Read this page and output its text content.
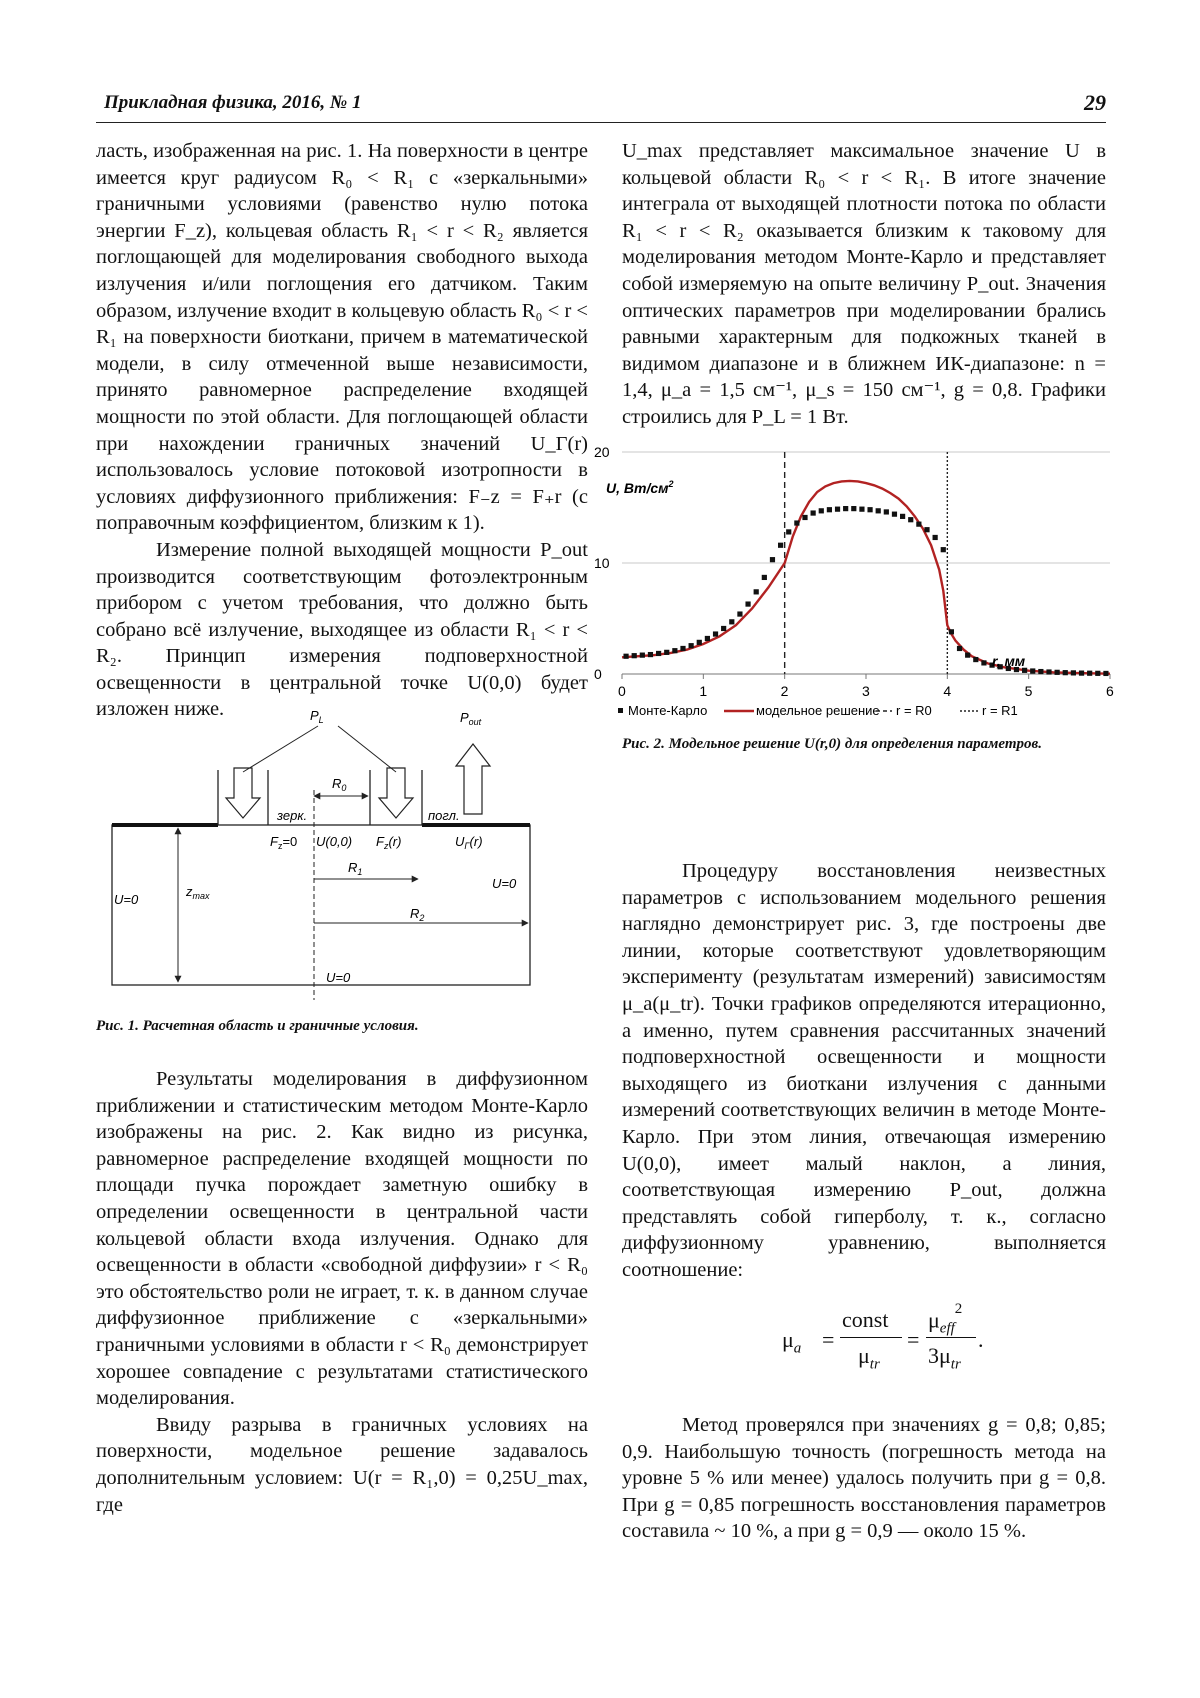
Прикладная физика, 2016, № 1	29

ласть, изображенная на рис. 1. На поверхности в центре имеется круг радиусом R₀ < R₁ с «зеркальными» граничными условиями (равенство нулю потока энергии F_z), кольцевая область R₁ < r < R₂ является поглощающей для моделирования свободного выхода излучения и/или поглощения его датчиком. Таким образом, излучение входит в кольцевую область R₀ < r < R₁ на поверхности биоткани, причем в математической модели, в силу отмеченной выше независимости, принято равномерное распределение входящей мощности по этой области. Для поглощающей области при нахождении граничных значений U_Γ(r) использовалось условие потоковой изотропности в условиях диффузионного приближения: F₋z = F₊r (с поправочным коэффициентом, близким к 1).

Измерение полной выходящей мощности P_out производится соответствующим фотоэлектронным прибором с учетом требования, что должно быть собрано всё излучение, выходящее из области R₁ < r < R₂. Принцип измерения подповерхностной освещенности в центральной точке U(0,0) будет изложен ниже.

Результаты моделирования в диффузионном приближении и статистическим методом Монте-Карло изображены на рис. 2. Как видно из рисунка, равномерное распределение входящей мощности по площади пучка порождает заметную ошибку в определении освещенности в центральной части кольцевой области входа излучения. Однако для освещенности в области «свободной диффузии» r < R₀ это обстоятельство роли не играет, т. к. в данном случае диффузионное приближение с «зеркальными» граничными условиями в области r < R₀ демонстрирует хорошее совпадение с результатами статистического моделирования.

Ввиду разрыва в граничных условиях на поверхности, модельное решение задавалось дополнительным условием: U(r = R₁,0) = 0,25U_max, где

U_max представляет максимальное значение U в кольцевой области R₀ < r < R₁. В итоге значение интеграла от выходящей плотности потока по области R₁ < r < R₂ оказывается близким к таковому для моделирования методом Монте-Карло и представляет собой измеряемую на опыте величину P_out. Значения оптических параметров при моделировании брались равными характерным для подкожных тканей в видимом диапазоне и в ближнем ИК-диапазоне: n = 1,4, μ_a = 1,5 см⁻¹, μ_s = 150 см⁻¹, g = 0,8. Графики строились для P_L = 1 Вт.

Процедуру восстановления неизвестных параметров с использованием модельного решения наглядно демонстрирует рис. 3, где построены две линии, которые соответствуют удовлетворяющим эксперименту (результатам измерений) зависимостям μ_a(μ_tr). Точки графиков определяются итерационно, а именно, путем сравнения рассчитанных значений подповерхностной освещенности и мощности выходящего из биоткани излучения с данными измерений соответствующих величин в методе Монте-Карло. При этом линия, отвечающая измерению U(0,0), имеет малый наклон, а линия, соответствующая измерению P_out, должна представлять собой гиперболу, т. к., согласно диффузионному уравнению, выполняется соотношение:

$\mu_a$ =
const
$\mu_{tr}$
=
$\mu_{eff}^2$
$3\mu_{tr}$
.

Метод проверялся при значениях g = 0,8; 0,85; 0,9. Наибольшую точность (погрешность метода на уровне 5 % или менее) удалось получить при g = 0,8. При g = 0,85 погрешность восстановления параметров составила ~ 10 %, а при g = 0,9 — около 15 %.

$P_L$	$P_{out}$
$R_0$
зерк.	погл.
$F_z=0$ U(0,0) $F_z(r)$	$U_\Gamma(r)$
$R_1$
$R_2$
U=0
U=0
U=0
$z_{max}$
Рис. 1. Расчетная область и граничные условия.
0
10
20
0	1	2	3	4	5	6
U, $Вт/см^2$
r, мм
Монте-Карло	модельное решение r = R0	r = R1
Рис. 2. Модельное решение U(r,0) для определения параметров.
